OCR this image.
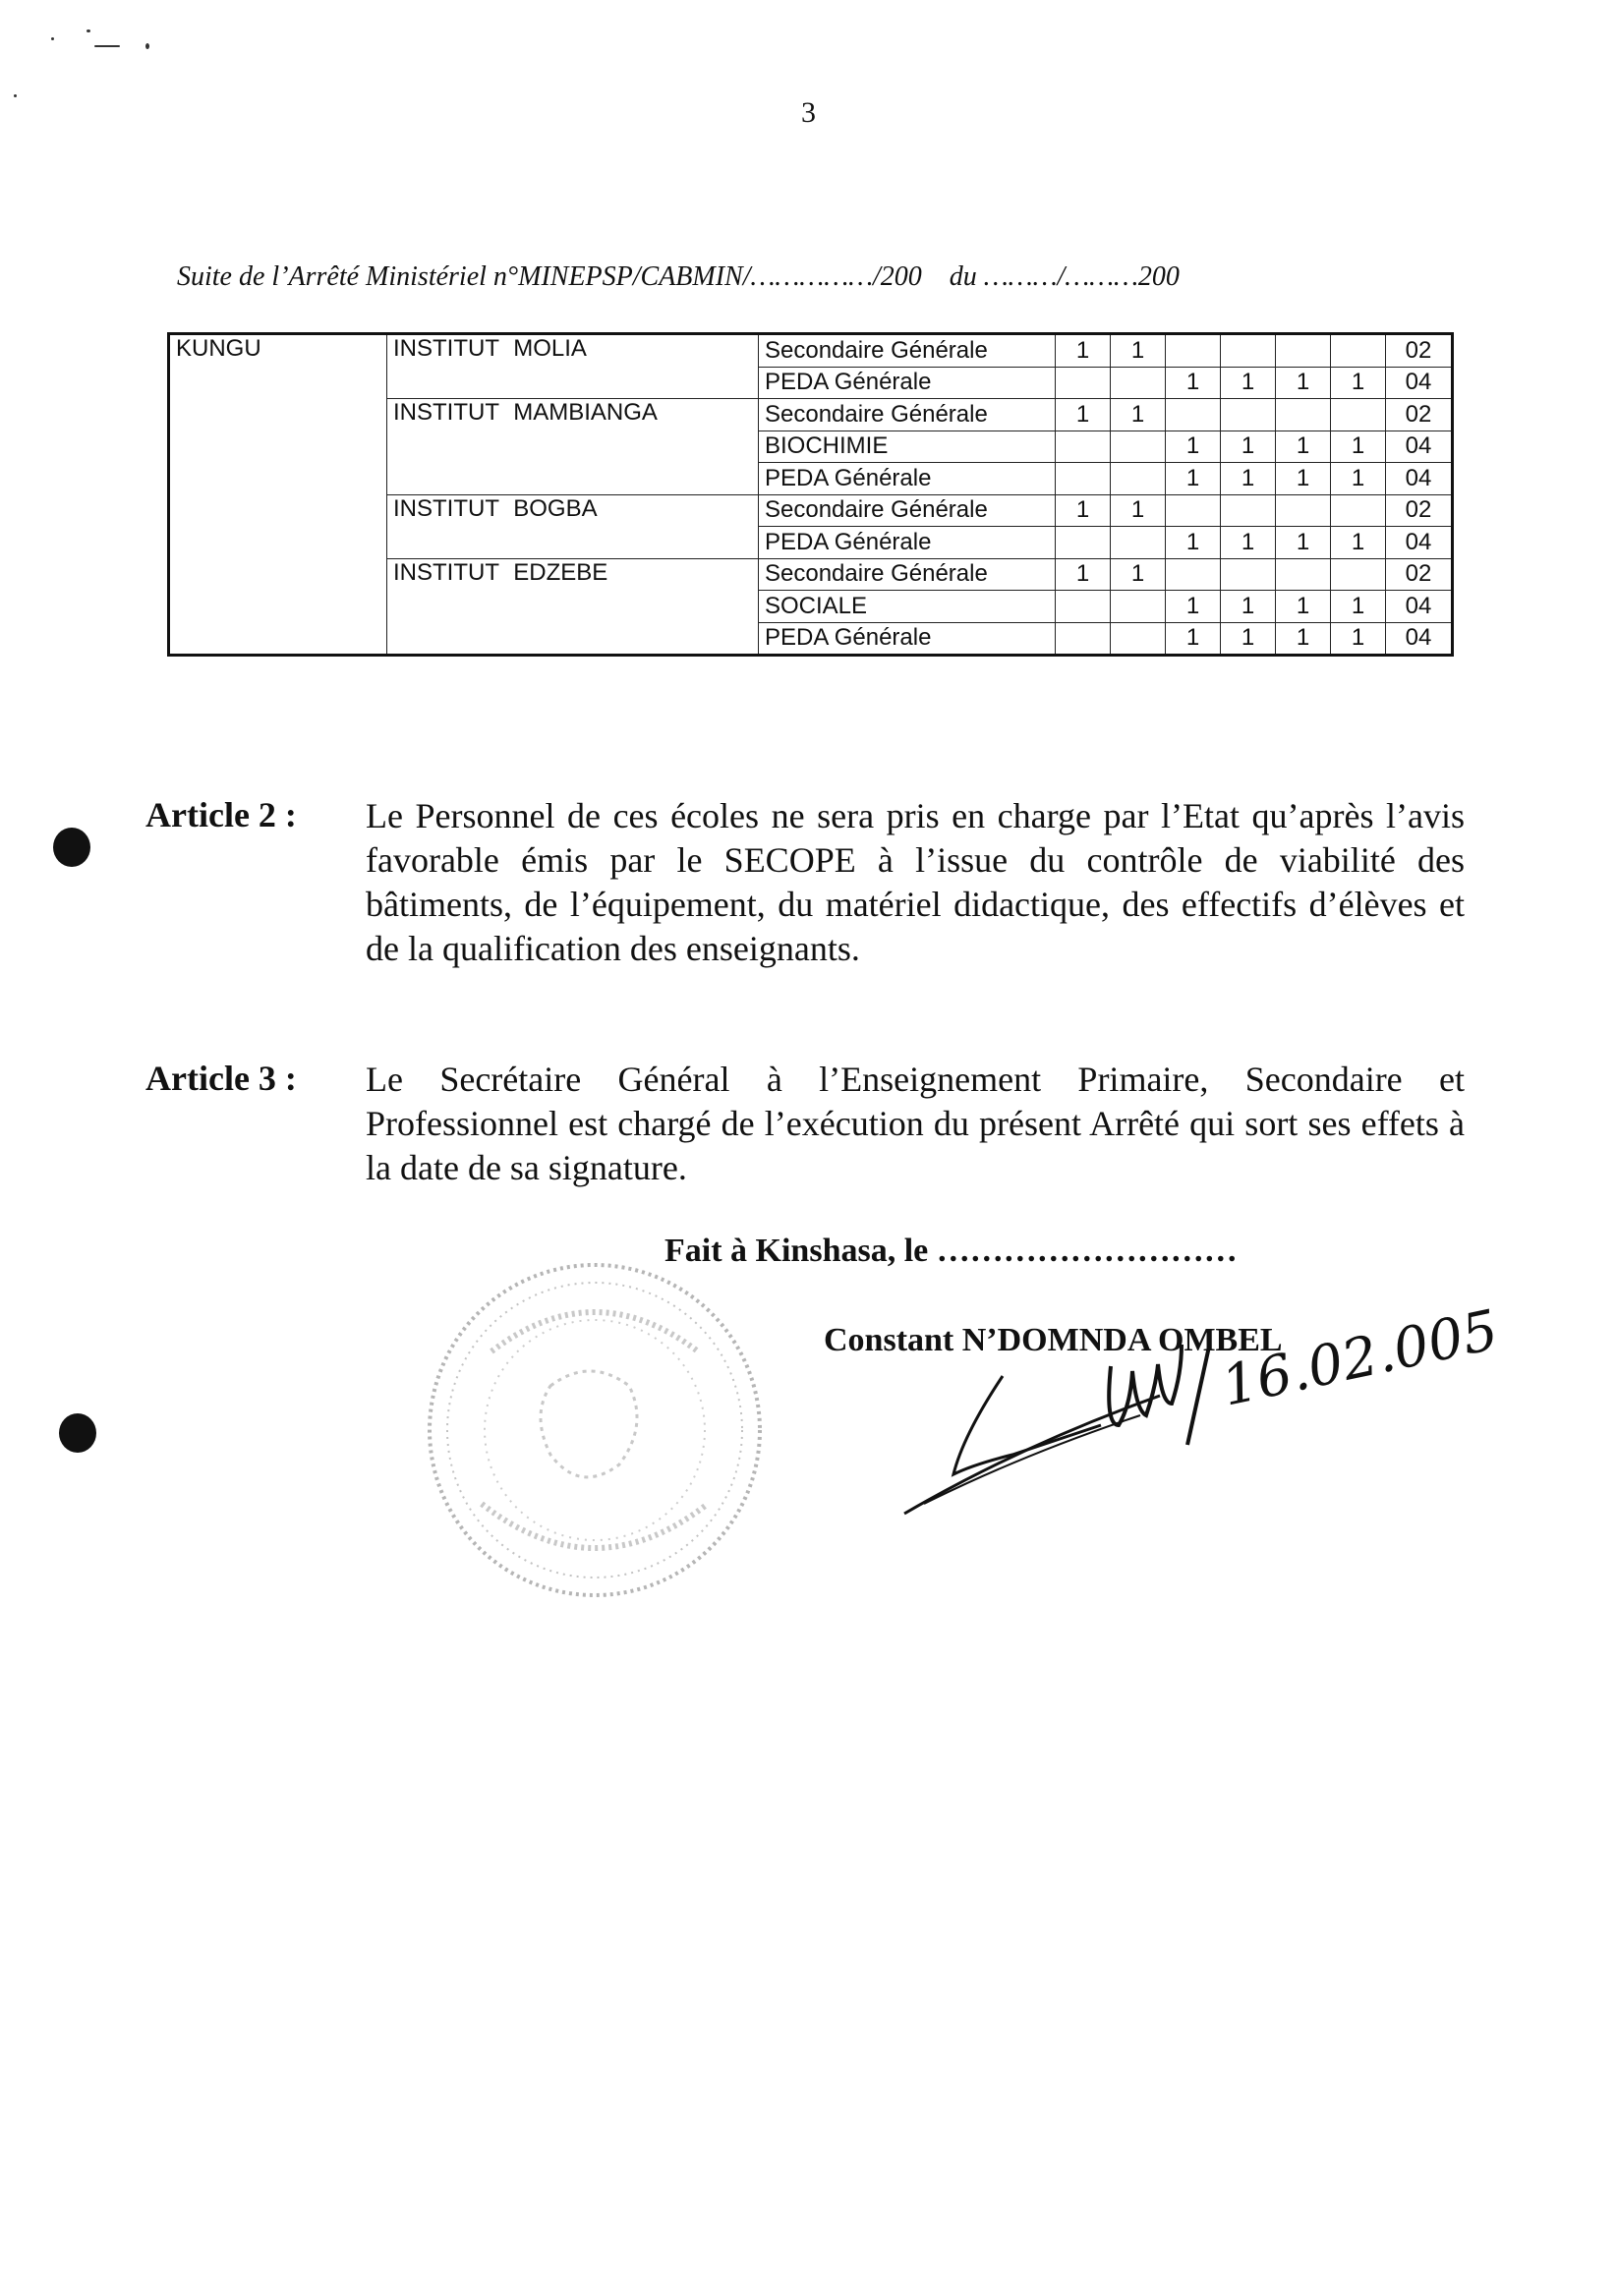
3
Suite de l’Arrêté Ministériel n°MINEPSP/CABMIN/……………/200    du ………/………200
KUNGU	INSTITUT MOLIA	Secondaire Générale	1	1					02
		PEDA Générale			1	1	1	1	04
	INSTITUT MAMBIANGA	Secondaire Générale	1	1					02
		BIOCHIMIE			1	1	1	1	04
		PEDA Générale			1	1	1	1	04
	INSTITUT BOGBA	Secondaire Générale	1	1					02
		PEDA Générale			1	1	1	1	04
	INSTITUT EDZEBE	Secondaire Générale	1	1					02
		SOCIALE			1	1	1	1	04
		PEDA Générale			1	1	1	1	04
Article 2 : Le Personnel de ces écoles ne sera pris en charge par l’Etat qu’après l’avis favorable émis par le SECOPE à l’issue du contrôle de viabilité des bâtiments, de l’équipement, du matériel didactique, des effectifs d’élèves et de la qualification des enseignants.
Article 3 : Le Secrétaire Général à l’Enseignement Primaire, Secondaire et Professionnel est chargé de l’exécution du présent Arrêté qui sort ses effets à la date de sa signature.
Fait à Kinshasa, le ………………………
Constant N’DOMNDA OMBEL
16.02.005
